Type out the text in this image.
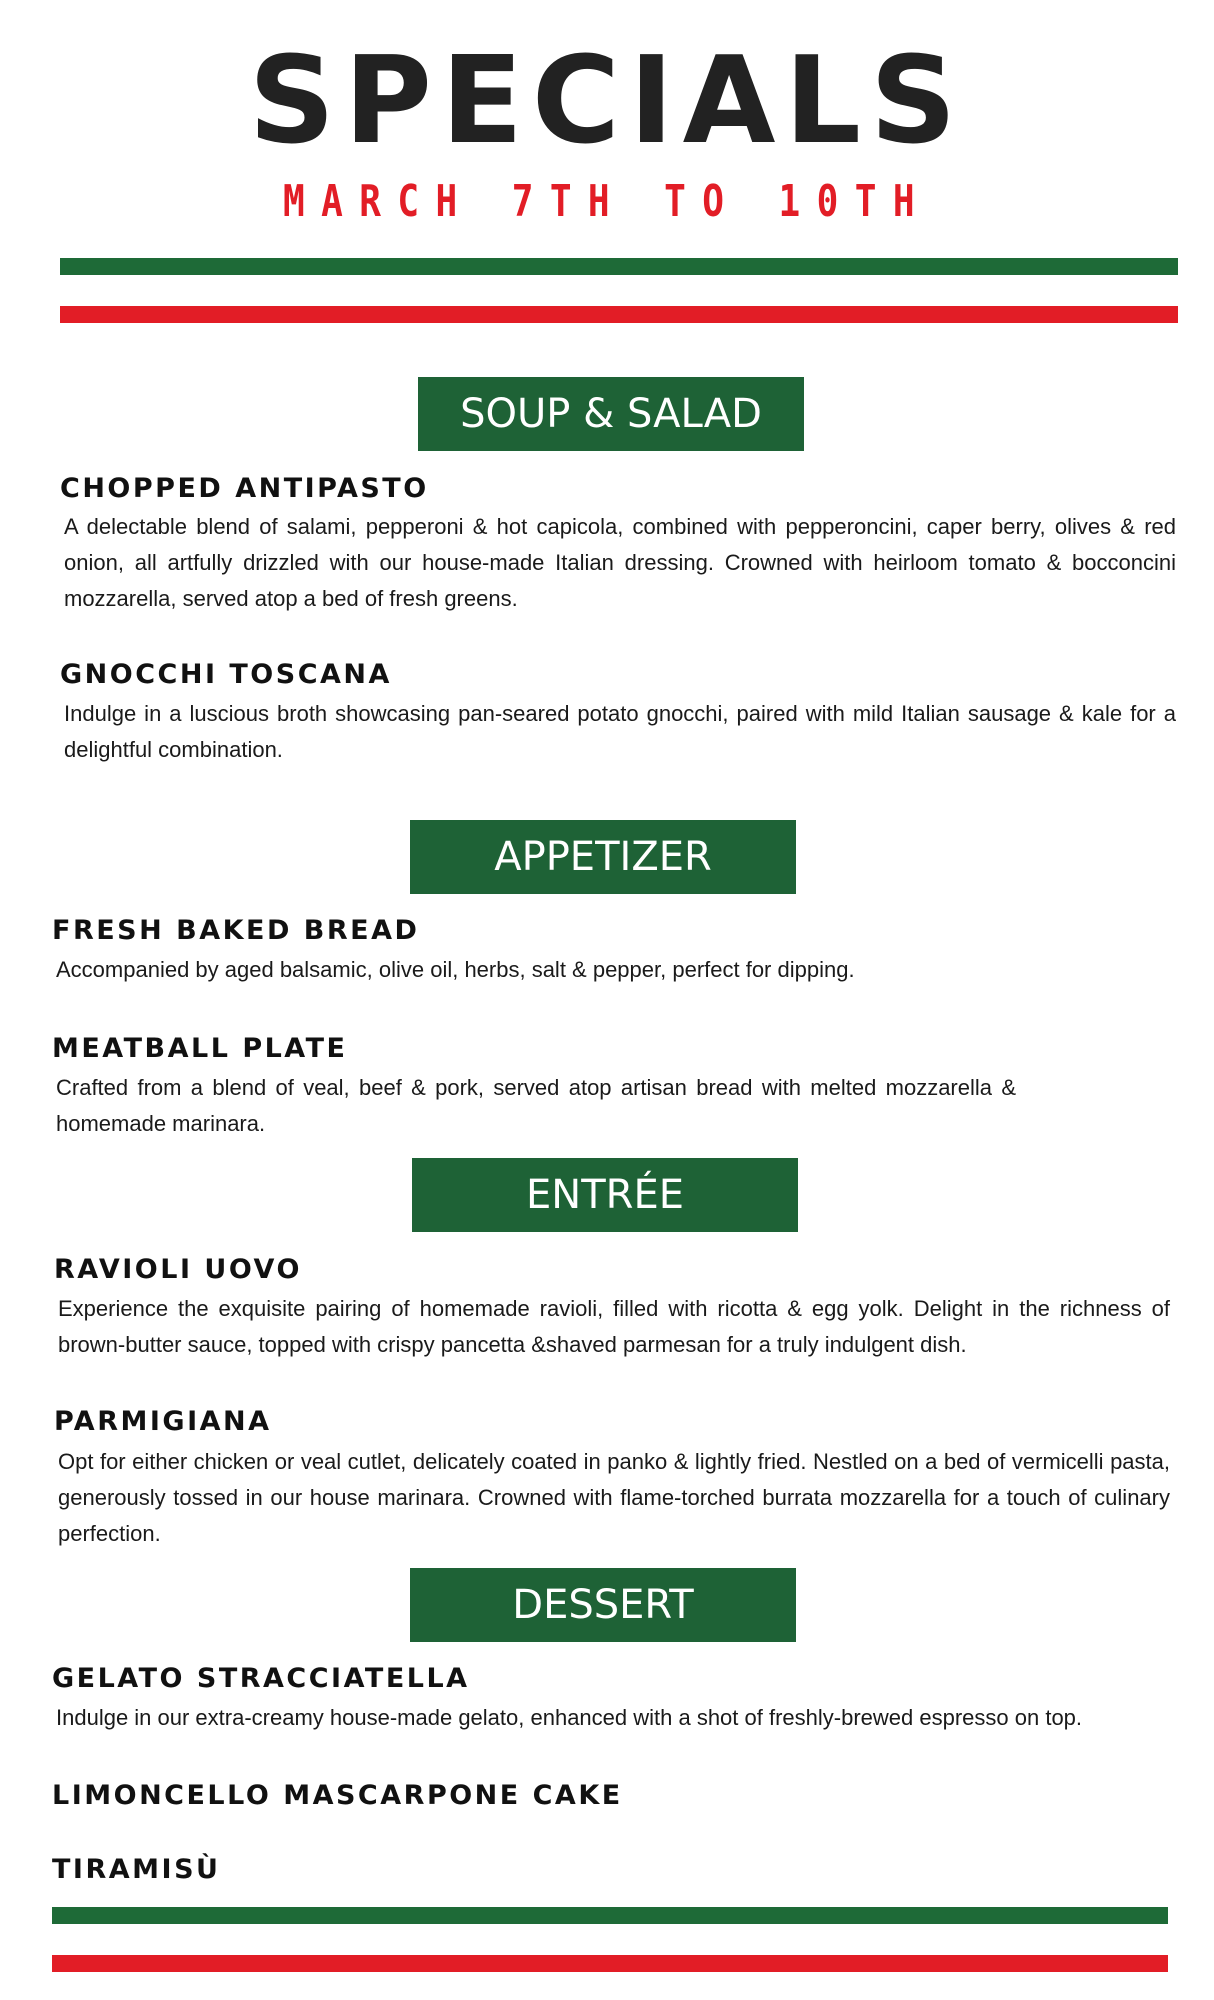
SPECIALS
MARCH 7TH TO 10TH
SOUP & SALAD
CHOPPED ANTIPASTO
A delectable blend of salami, pepperoni & hot capicola, combined with pepperoncini, caper berry, olives & red onion, all artfully drizzled with our house-made Italian dressing. Crowned with heirloom tomato & bocconcini mozzarella, served atop a bed of fresh greens.
GNOCCHI TOSCANA
Indulge in a luscious broth showcasing pan-seared potato gnocchi, paired with mild Italian sausage & kale for a delightful combination.
APPETIZER
FRESH BAKED BREAD
Accompanied by aged balsamic, olive oil, herbs, salt & pepper, perfect for dipping.
MEATBALL PLATE
Crafted from a blend of veal, beef & pork, served atop artisan bread with melted mozzarella & homemade marinara.
ENTRÉE
RAVIOLI UOVO
Experience the exquisite pairing of homemade ravioli, filled with ricotta & egg yolk. Delight in the richness of brown-butter sauce, topped with crispy pancetta &shaved parmesan for a truly indulgent dish.
PARMIGIANA
Opt for either chicken or veal cutlet, delicately coated in panko & lightly fried. Nestled on a bed of vermicelli pasta, generously tossed in our house marinara. Crowned with flame-torched burrata mozzarella for a touch of culinary perfection.
DESSERT
GELATO STRACCIATELLA
Indulge in our extra-creamy house-made gelato, enhanced with a shot of freshly-brewed espresso on top.
LIMONCELLO MASCARPONE CAKE
TIRAMISÙ
